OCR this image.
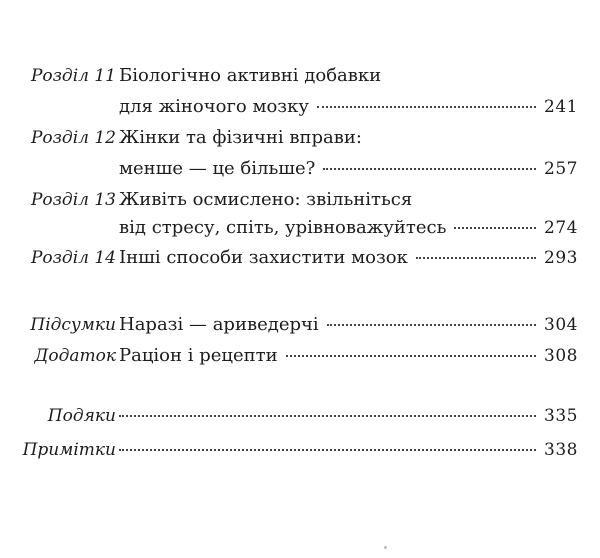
Розділ 11 Біологічно активні добавки
для жіночого мозку	241
Розділ 12 Жінки та фізичні вправи:
менше — це більше?	257
Розділ 13 Живіть осмислено: звільніться
від стресу, спіть, урівноважуйтесь	274
Розділ 14 Інші способи захистити мозок	293
Підсумки Наразі — ариведерчі	304
Додаток Раціон і рецепти	308
Подяки	335
Примітки	338
